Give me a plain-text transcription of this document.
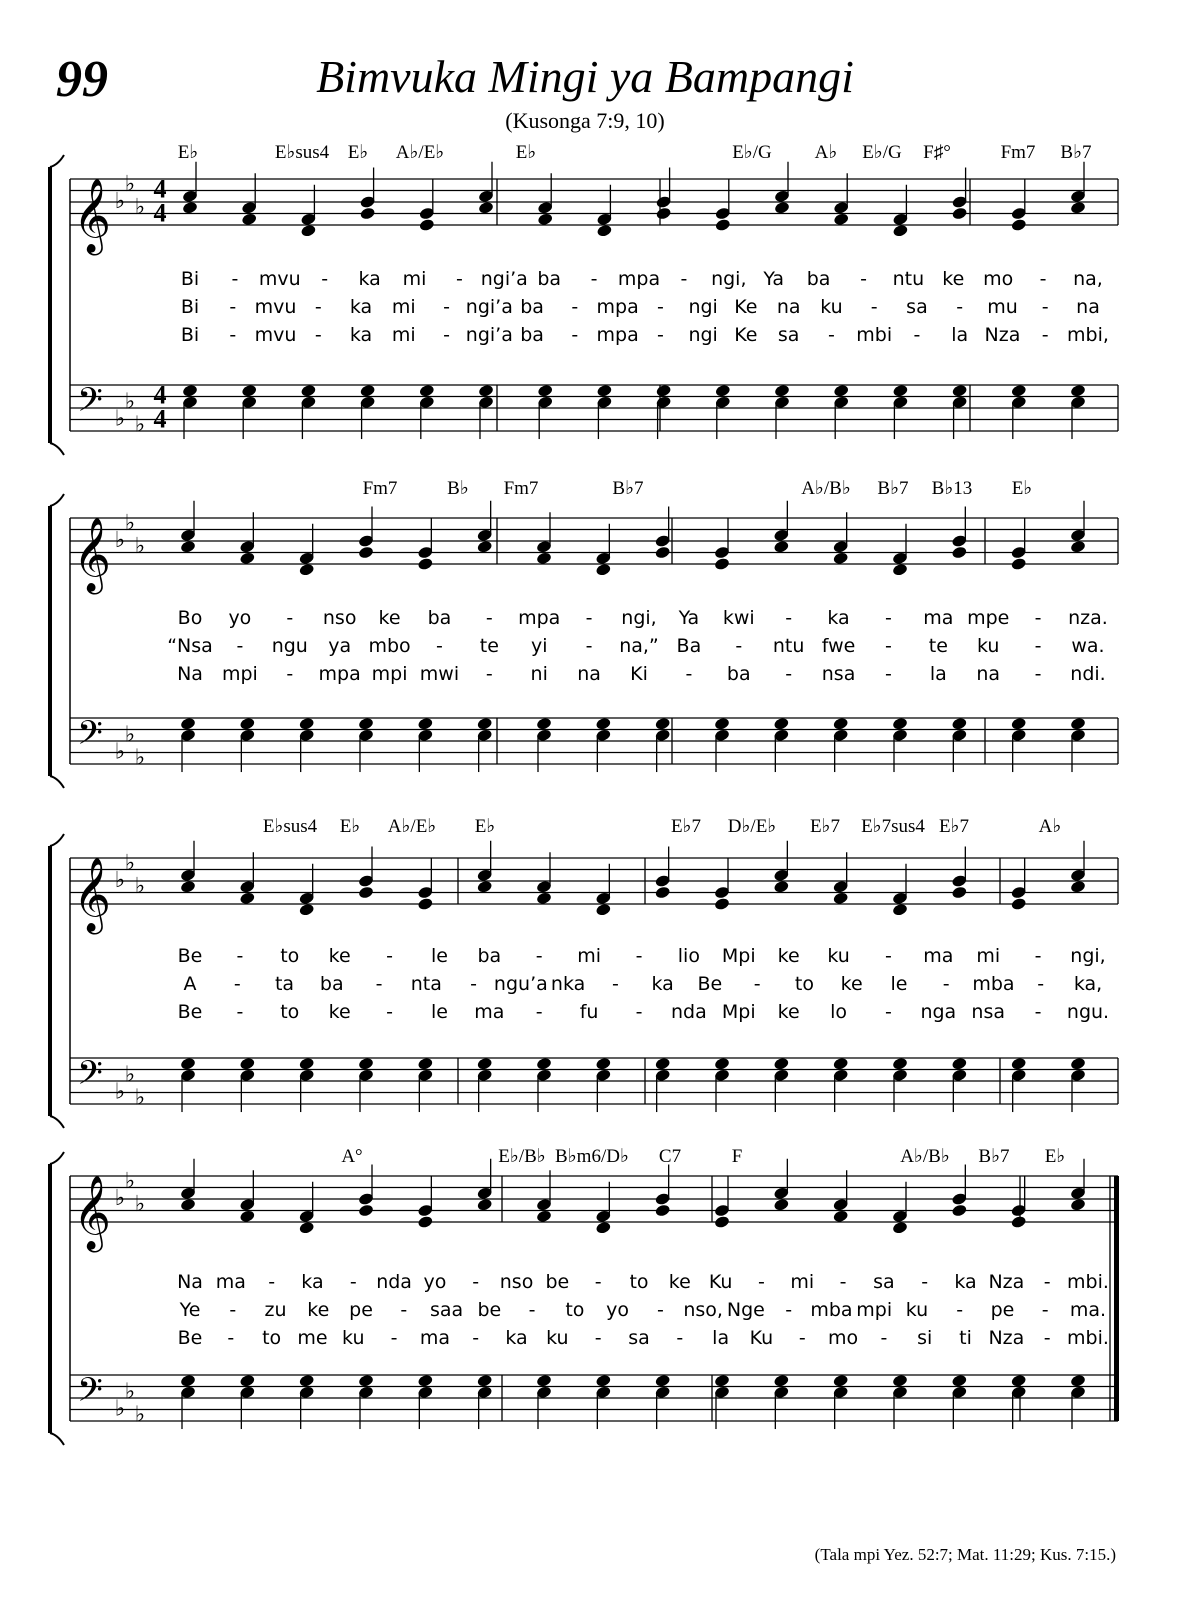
99	Bimvuka Mingi ya Bampangi
(Kusonga 7:9, 10)
𝄞
𝄢
♭
♭
♭
♭
♭
♭
4
4
4
4
E♭	E♭sus4 E♭ A♭/E♭	E♭	E♭/G A♭ E♭/G F♯°	Fm7 B♭7
Bi - mvu - ka mi - ngi’a ba - mpa - ngi, Ya ba - ntu ke mo - na,
Bi - mvu - ka mi - ngi’a ba - mpa - ngi Ke na ku - sa - mu - na
Bi - mvu - ka mi - ngi’a ba - mpa - ngi Ke sa - mbi - la Nza - mbi,
𝄞
𝄢
♭
♭
♭
♭
♭
♭
Fm7	B♭ Fm7	B♭7	A♭/B♭ B♭7 B♭13 E♭
Bo yo - nso ke ba - mpa - ngi, Ya kwi - ka - ma mpe - nza.
“Nsa - ngu ya mbo - te yi - na,” Ba - ntu fwe - te ku - wa.
Na mpi - mpa mpi mwi - ni na Ki - ba - nsa - la na - ndi.
𝄞
𝄢
♭
♭
♭
♭
♭
♭
E♭sus4 E♭ A♭/E♭ E♭	E♭7 D♭/E♭ E♭7 E♭7sus4 E♭7	A♭
Be - to ke - le ba - mi - lio Mpi ke ku - ma mi - ngi,
A - ta ba - nta - ngu’a nka - ka Be - to ke le - mba - ka,
Be - to ke - le ma - fu - nda Mpi ke lo - nga nsa - ngu.
𝄞
𝄢
♭
♭
♭
♭
♭
♭
A°	E♭/B♭ B♭m6/D♭ C7	F	A♭/B♭ B♭7 E♭
Na ma - ka - nda yo - nso be - to ke Ku - mi - sa - ka Nza - mbi.
Ye - zu ke pe - saa be - to yo - nso, Nge - mba mpi ku - pe - ma.
Be - to me ku - ma - ka ku - sa - la Ku - mo - si ti Nza - mbi.
(Tala mpi Yez. 52:7; Mat. 11:29; Kus. 7:15.)
